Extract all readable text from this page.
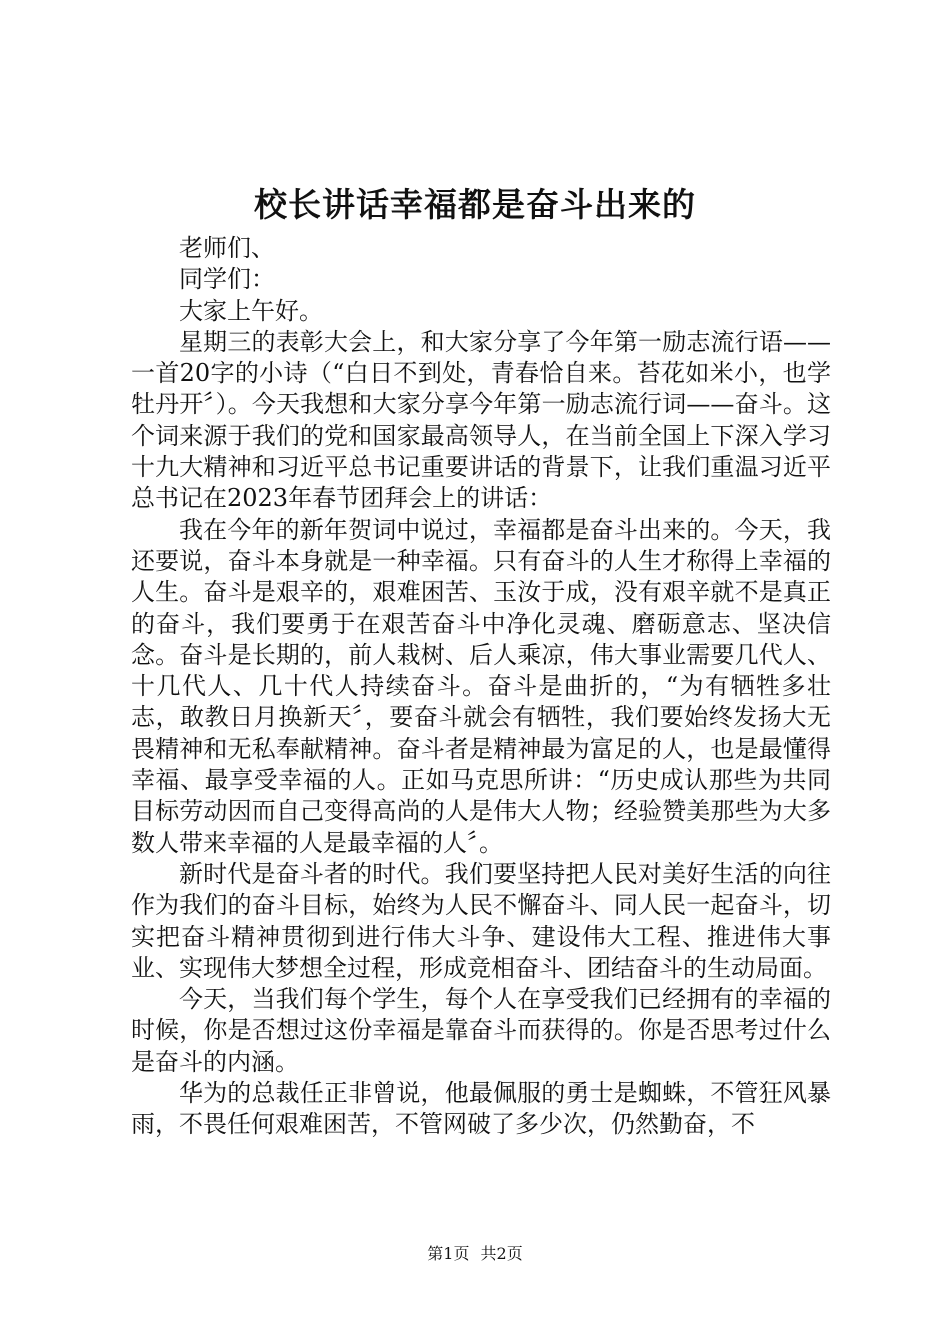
校长讲话幸福都是奋斗出来的

老师们、

同学们：

大家上午好。

星期三的表彰大会上，和大家分享了今年第一励志流行语——一首20字的小诗（“白日不到处，青春恰自来。苔花如米小，也学牡丹开〞）。今天我想和大家分享今年第一励志流行词——奋斗。这个词来源于我们的党和国家最高领导人，在当前全国上下深入学习十九大精神和习近平总书记重要讲话的背景下，让我们重温习近平总书记在2023年春节团拜会上的讲话：

我在今年的新年贺词中说过，幸福都是奋斗出来的。今天，我还要说，奋斗本身就是一种幸福。只有奋斗的人生才称得上幸福的人生。奋斗是艰辛的，艰难困苦、玉汝于成，没有艰辛就不是真正的奋斗，我们要勇于在艰苦奋斗中净化灵魂、磨砺意志、坚决信念。奋斗是长期的，前人栽树、后人乘凉，伟大事业需要几代人、十几代人、几十代人持续奋斗。奋斗是曲折的，“为有牺牲多壮志，敢教日月换新天〞，要奋斗就会有牺牲，我们要始终发扬大无畏精神和无私奉献精神。奋斗者是精神最为富足的人，也是最懂得幸福、最享受幸福的人。正如马克思所讲：“历史成认那些为共同目标劳动因而自己变得高尚的人是伟大人物；经验赞美那些为大多数人带来幸福的人是最幸福的人〞。

新时代是奋斗者的时代。我们要坚持把人民对美好生活的向往作为我们的奋斗目标，始终为人民不懈奋斗、同人民一起奋斗，切实把奋斗精神贯彻到进行伟大斗争、建设伟大工程、推进伟大事业、实现伟大梦想全过程，形成竞相奋斗、团结奋斗的生动局面。

今天，当我们每个学生，每个人在享受我们已经拥有的幸福的时候，你是否想过这份幸福是靠奋斗而获得的。你是否思考过什么是奋斗的内涵。

华为的总裁任正非曾说，他最佩服的勇士是蜘蛛，不管狂风暴雨，不畏任何艰难困苦，不管网破了多少次，仍然勤奋，不

第1页 共2页
